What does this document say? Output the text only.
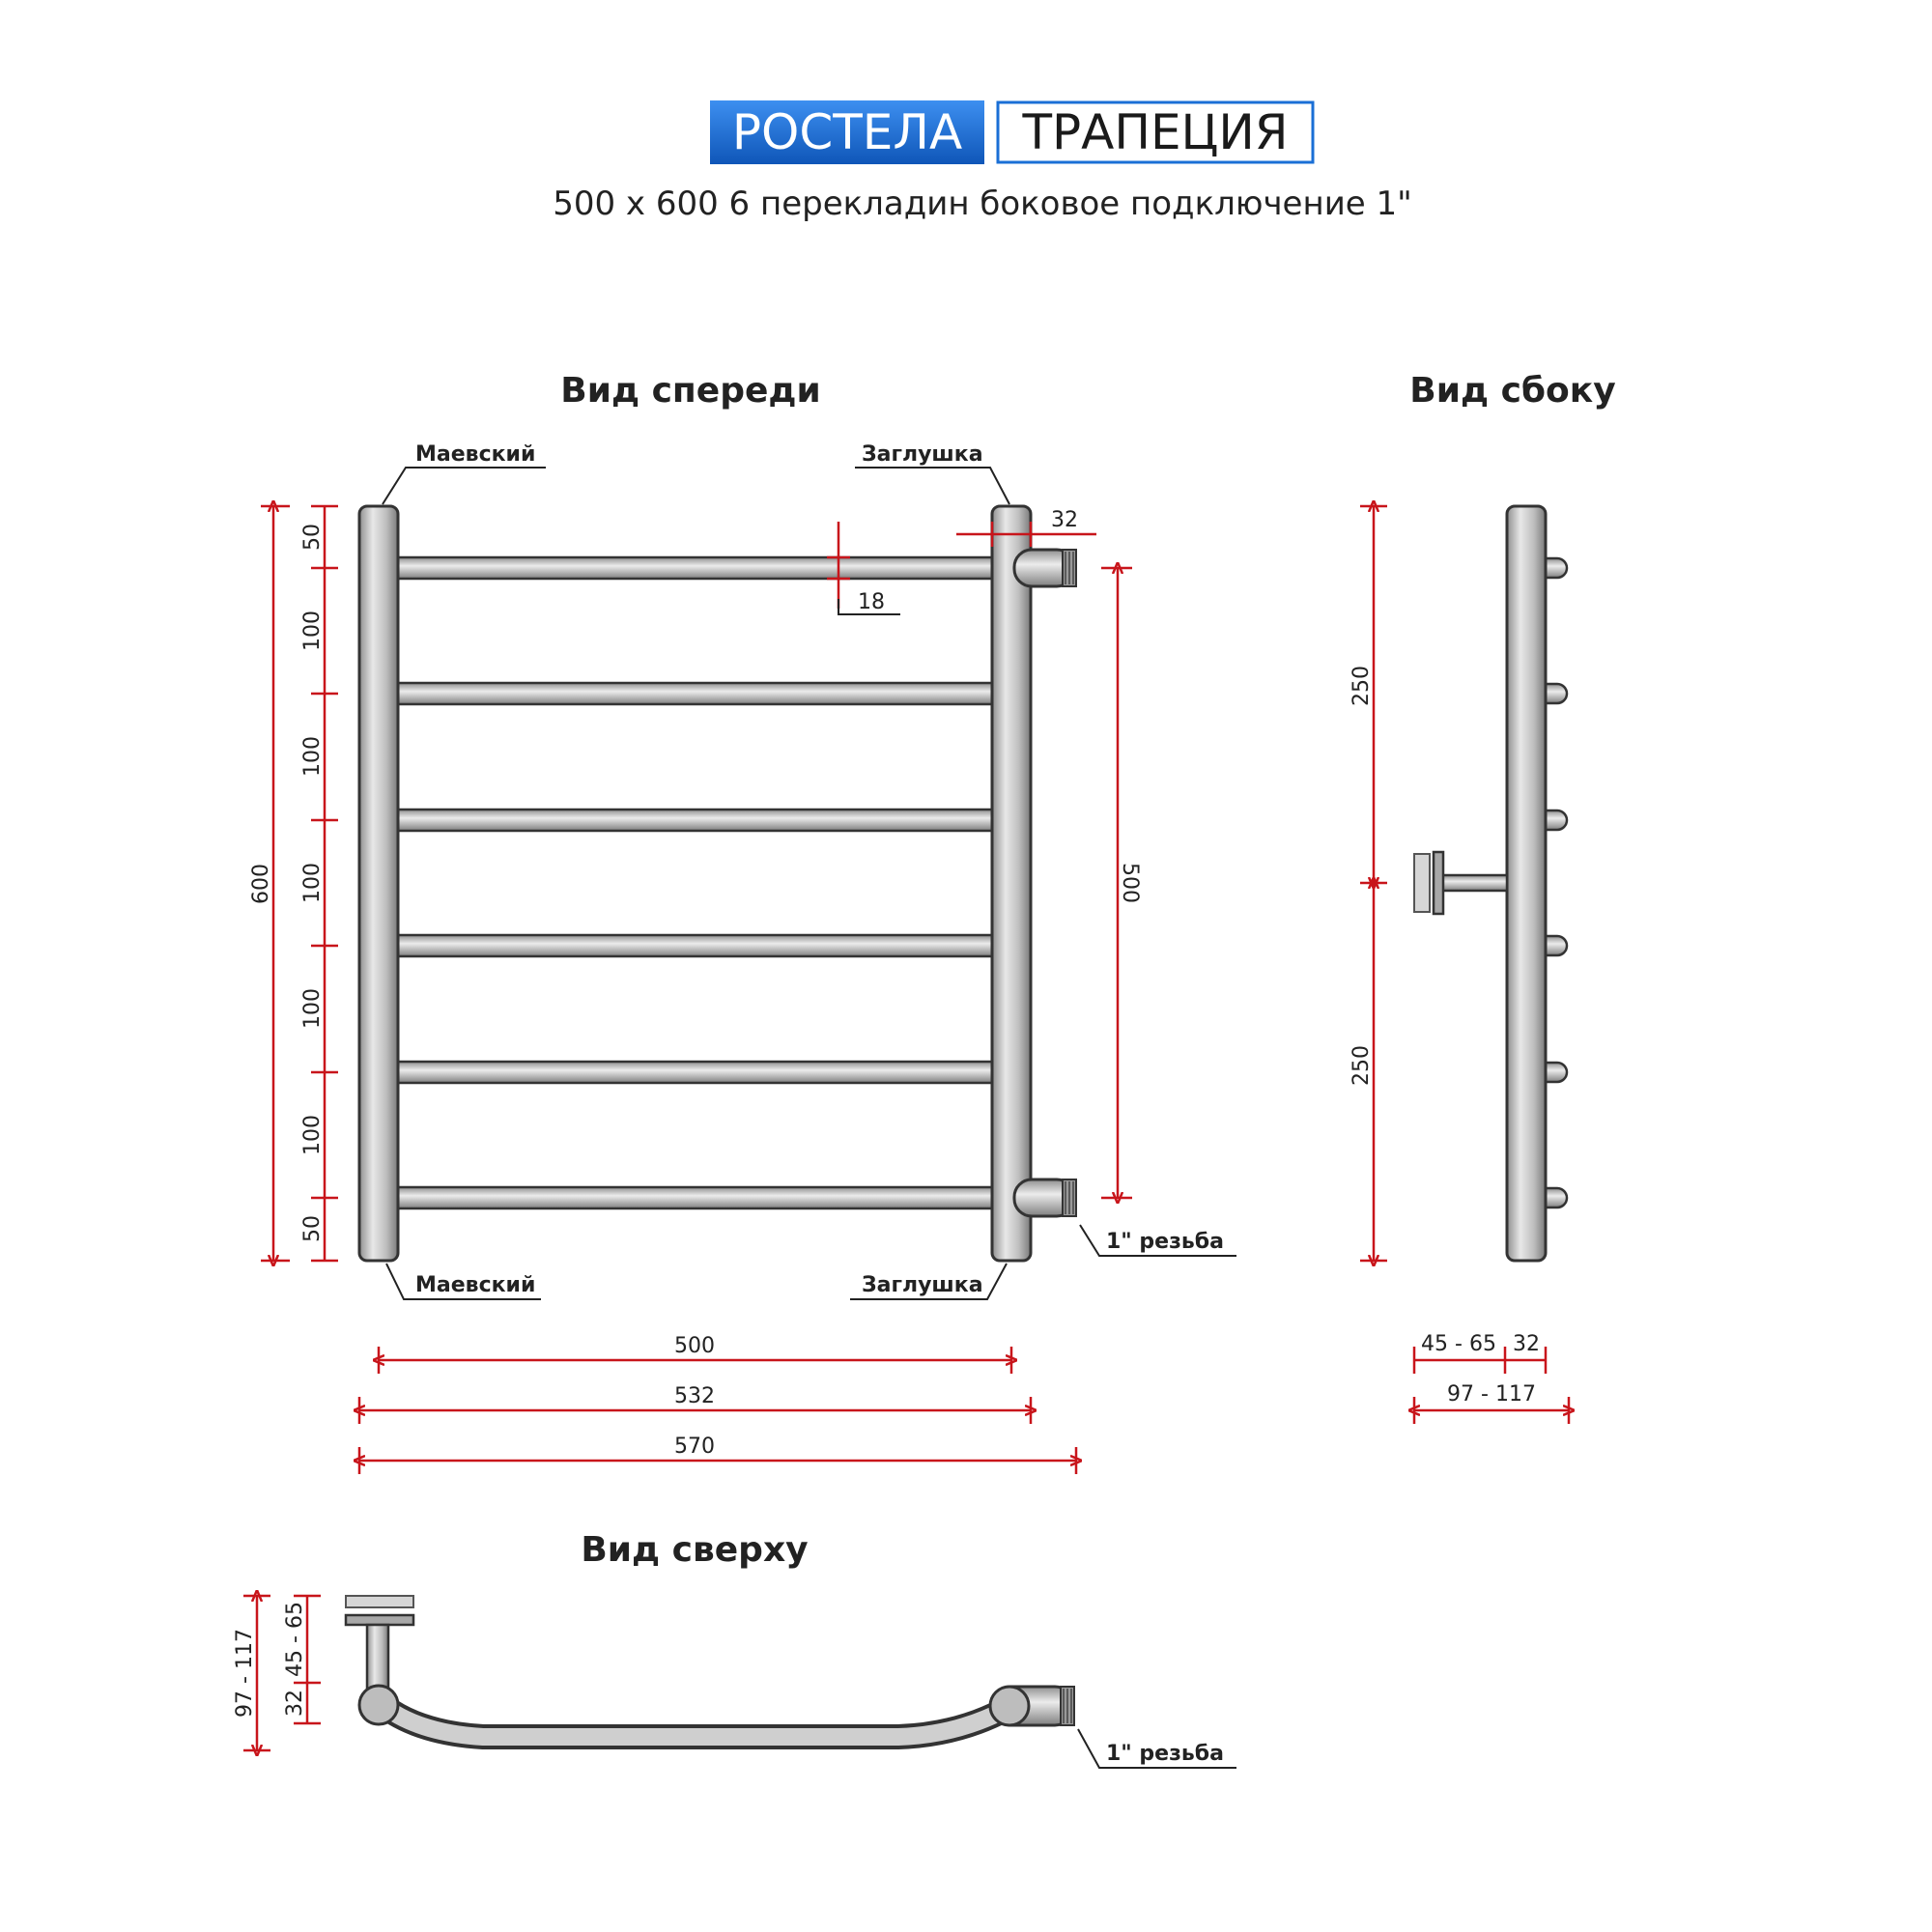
РОСТЕЛА ТРАПЕЦИЯ
500 x 600 6 перекладин боковое подключение 1"
Вид спереди
Маевский	Заглушка
Маевский	Заглушка
1" резьба
600
50
100
100
100
100
100
50
500
32
18
500
532
570
Вид сбоку
250
250
45 - 65 32
97 - 117
Вид сверху
1" резьба
97 - 117 45 - 65
32
